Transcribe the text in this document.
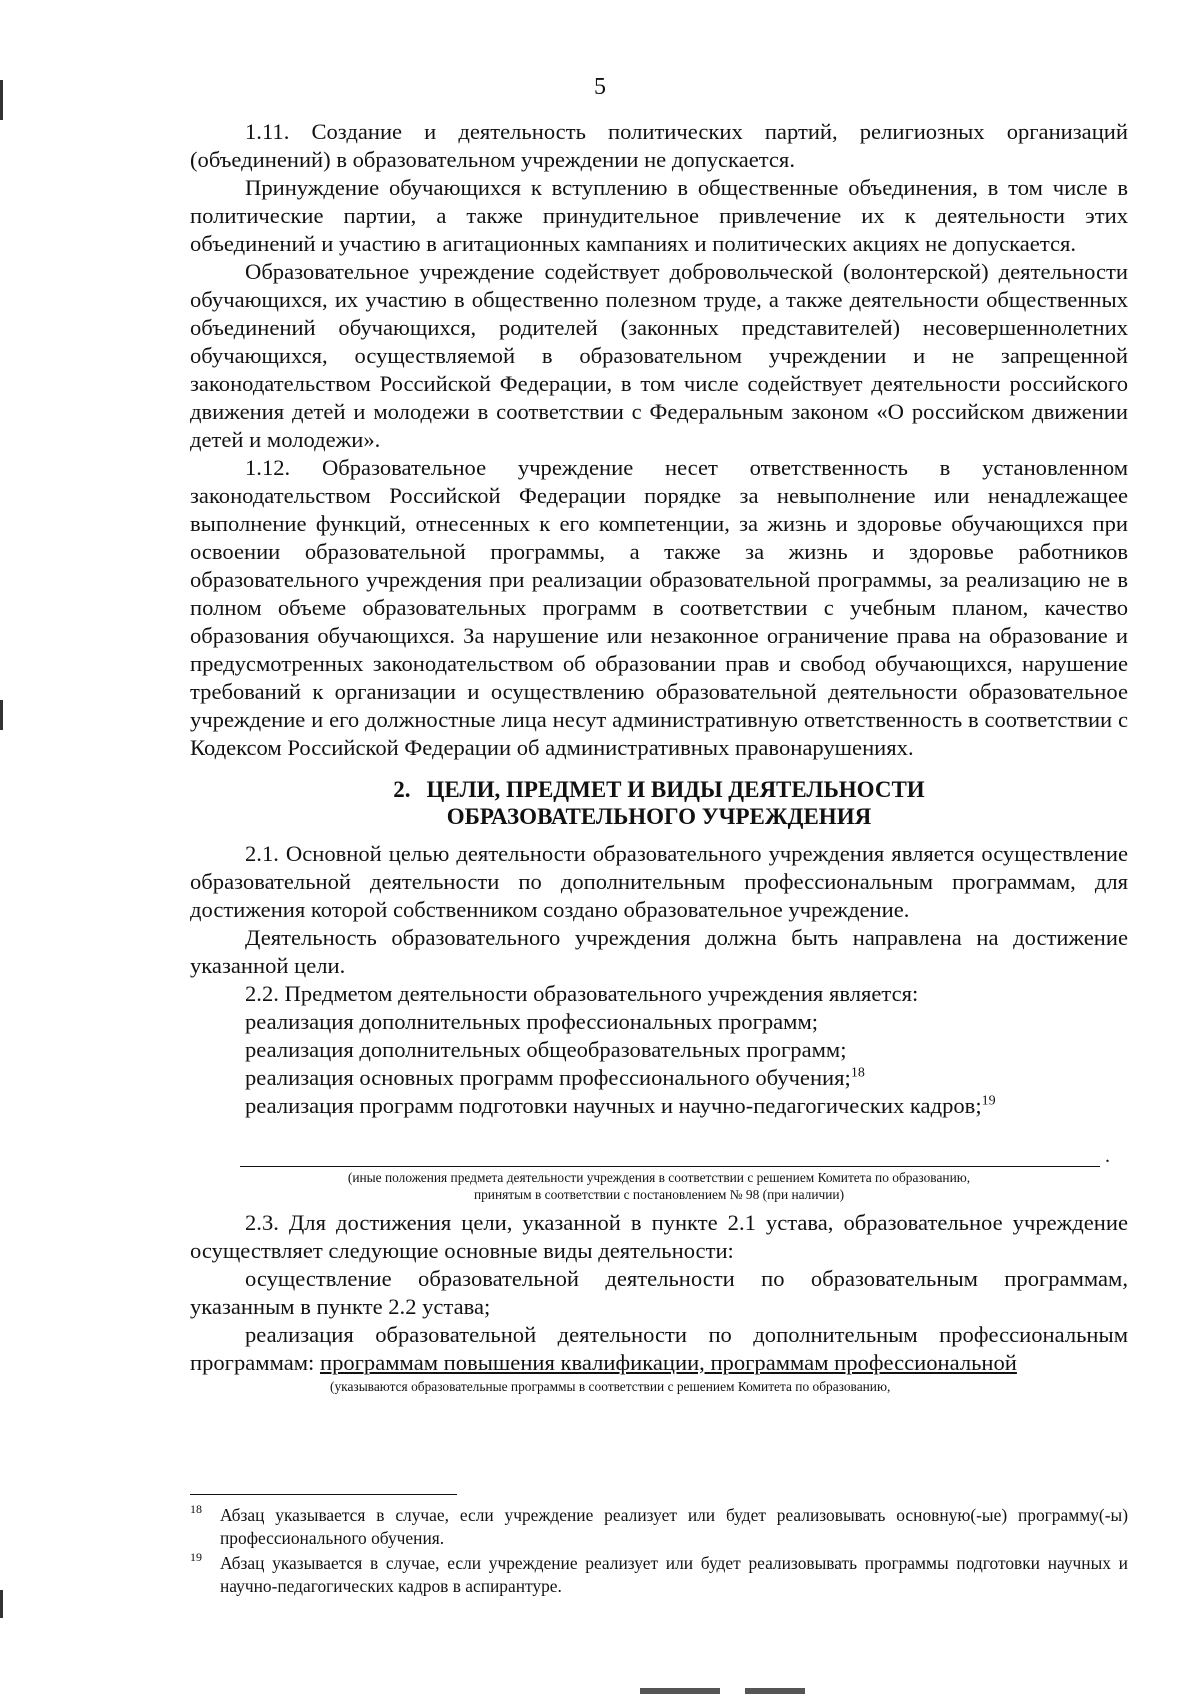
5

1.11. Создание и деятельность политических партий, религиозных организаций (объединений) в образовательном учреждении не допускается.

Принуждение обучающихся к вступлению в общественные объединения, в том числе в политические партии, а также принудительное привлечение их к деятельности этих объединений и участию в агитационных кампаниях и политических акциях не допускается.

Образовательное учреждение содействует добровольческой (волонтерской) деятельности обучающихся, их участию в общественно полезном труде, а также деятельности общественных объединений обучающихся, родителей (законных представителей) несовершеннолетних обучающихся, осуществляемой в образовательном учреждении и не запрещенной законодательством Российской Федерации, в том числе содействует деятельности российского движения детей и молодежи в соответствии с Федеральным законом «О российском движении детей и молодежи».

1.12. Образовательное учреждение несет ответственность в установленном законодательством Российской Федерации порядке за невыполнение или ненадлежащее выполнение функций, отнесенных к его компетенции, за жизнь и здоровье обучающихся при освоении образовательной программы, а также за жизнь и здоровье работников образовательного учреждения при реализации образовательной программы, за реализацию не в полном объеме образовательных программ в соответствии с учебным планом, качество образования обучающихся. За нарушение или незаконное ограничение права на образование и предусмотренных законодательством об образовании прав и свобод обучающихся, нарушение требований к организации и осуществлению образовательной деятельности образовательное учреждение и его должностные лица несут административную ответственность в соответствии с Кодексом Российской Федерации об административных правонарушениях.

2. ЦЕЛИ, ПРЕДМЕТ И ВИДЫ ДЕЯТЕЛЬНОСТИ
ОБРАЗОВАТЕЛЬНОГО УЧРЕЖДЕНИЯ

2.1. Основной целью деятельности образовательного учреждения является осуществление образовательной деятельности по дополнительным профессиональным программам, для достижения которой собственником создано образовательное учреждение.

Деятельность образовательного учреждения должна быть направлена на достижение указанной цели.

2.2. Предметом деятельности образовательного учреждения является:

реализация дополнительных профессиональных программ;

реализация дополнительных общеобразовательных программ;

реализация основных программ профессионального обучения;$^{18}$

реализация программ подготовки научных и научно-педагогических кадров;$^{19}$

.
(иные положения предмета деятельности учреждения в соответствии с решением Комитета по образованию,
принятым в соответствии с постановлением № 98 (при наличии)

2.3. Для достижения цели, указанной в пункте 2.1 устава, образовательное учреждение осуществляет следующие основные виды деятельности:

осуществление образовательной деятельности по образовательным программам, указанным в пункте 2.2 устава;

реализация образовательной деятельности по дополнительным профессиональным программам: программам повышения квалификации, программам профессиональной

(указываются образовательные программы в соответствии с решением Комитета по образованию,
18 Абзац указывается в случае, если учреждение реализует или будет реализовывать основную(-ые) программу(-ы) профессионального обучения.
19 Абзац указывается в случае, если учреждение реализует или будет реализовывать программы подготовки научных и научно-педагогических кадров в аспирантуре.
